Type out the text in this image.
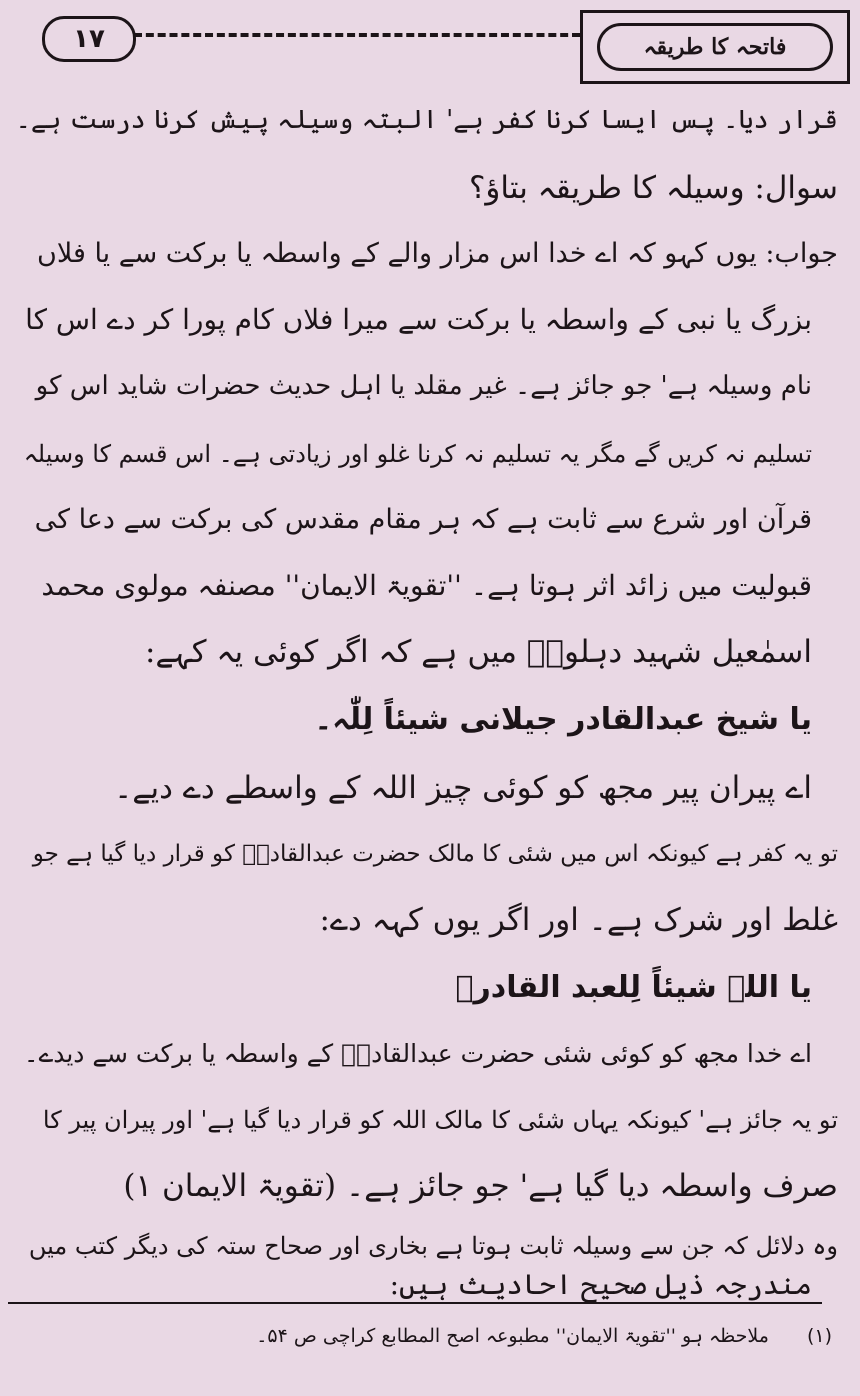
١٧	فاتحہ کا طریقہ
قرار دیا۔ پس ایسا کرنا کفر ہے' البتہ وسیلہ پیش کرنا درست ہے۔
سوال: وسیلہ کا طریقہ بتاؤ؟
جواب: یوں کہو کہ اے خدا اس مزار والے کے واسطہ یا برکت سے یا فلاں
بزرگ یا نبی کے واسطہ یا برکت سے میرا فلاں کام پورا کر دے اس کا
نام وسیلہ ہے' جو جائز ہے۔ غیر مقلد یا اہل حدیث حضرات شاید اس کو
تسلیم نہ کریں گے مگر یہ تسلیم نہ کرنا غلو اور زیادتی ہے۔ اس قسم کا وسیلہ
قرآن اور شرع سے ثابت ہے کہ ہر مقام مقدس کی برکت سے دعا کی
قبولیت میں زائد اثر ہوتا ہے۔ ''تقویۃ الایمان'' مصنفہ مولوی محمد
اسمٰعیل شہید دہلویؒ میں ہے کہ اگر کوئی یہ کہے:
یا شیخ عبدالقادر جیلانی شیئاً لِلّٰہ۔
اے پیران پیر مجھ کو کوئی چیز اللہ کے واسطے دے دیے۔
تو یہ کفر ہے کیونکہ اس میں شئی کا مالک حضرت عبدالقادرؒ کو قرار دیا گیا ہے جو
غلط اور شرک ہے۔ اور اگر یوں کہہ دے:
یا اللہ شیئاً لِلعبد القادرؒ
اے خدا مجھ کو کوئی شئی حضرت عبدالقادرؒ کے واسطہ یا برکت سے دیدے۔
تو یہ جائز ہے' کیونکہ یہاں شئی کا مالک اللہ کو قرار دیا گیا ہے' اور پیران پیر کا
صرف واسطہ دیا گیا ہے' جو جائز ہے۔ (تقویۃ الایمان ۱)
وہ دلائل کہ جن سے وسیلہ ثابت ہوتا ہے بخاری اور صحاح ستہ کی دیگر کتب میں
مندرجہ ذیل صحیح احادیث ہیں:
(١)ملاحظہ ہو ''تقویۃ الایمان'' مطبوعہ اصح المطابع کراچی ص ۵۴۔
